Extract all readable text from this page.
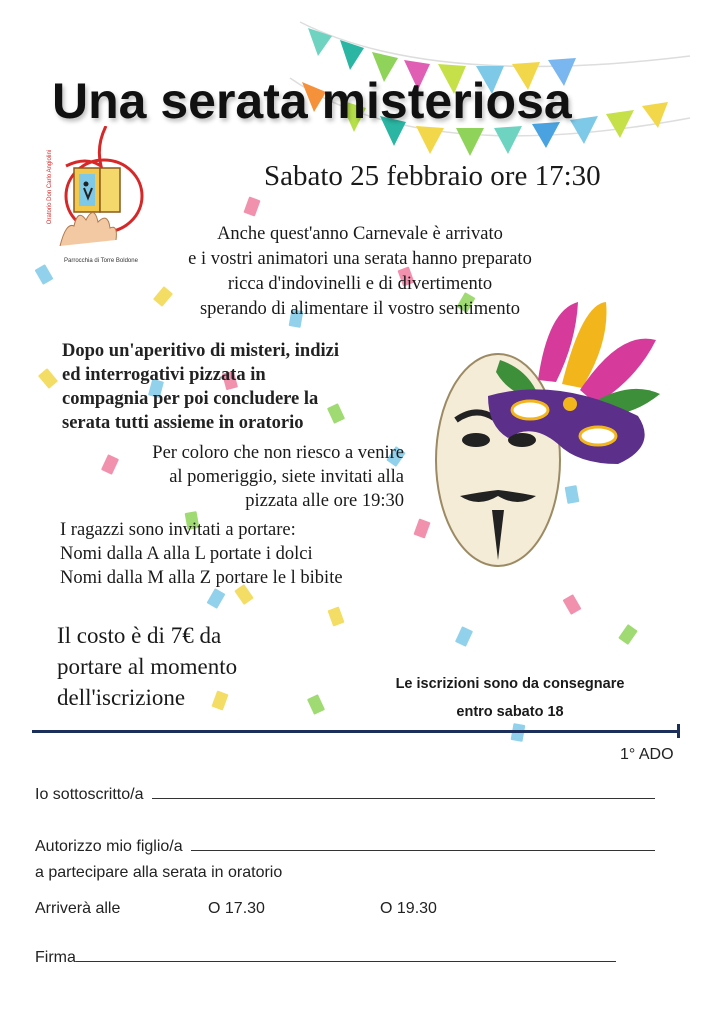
Una serata misteriosa
Sabato 25 febbraio ore 17:30
Oratorio Don Carlo Angiolini
Parrocchia di Torre Boldone
Anche quest'anno Carnevale è arrivato
e i vostri animatori una serata hanno preparato
ricca d'indovinelli e di divertimento
sperando di alimentare il vostro sentimento
Dopo un'aperitivo di misteri, indizi
ed interrogativi pizzata in
compagnia per poi concludere la
serata tutti assieme in oratorio
Per coloro che non riesco a venire
al pomeriggio, siete invitati alla
pizzata alle ore 19:30
I ragazzi sono invitati a portare:
Nomi dalla A alla L portate i dolci
Nomi dalla M alla Z portare le l bibite
Il costo è di 7€ da
portare al momento
dell'iscrizione
Le iscrizioni sono da consegnare
entro sabato 18
1° ADO
Io sottoscritto/a
Autorizzo mio figlio/a
a partecipare alla serata in oratorio
Arriverà alle	O 17.30	O 19.30
Firma
